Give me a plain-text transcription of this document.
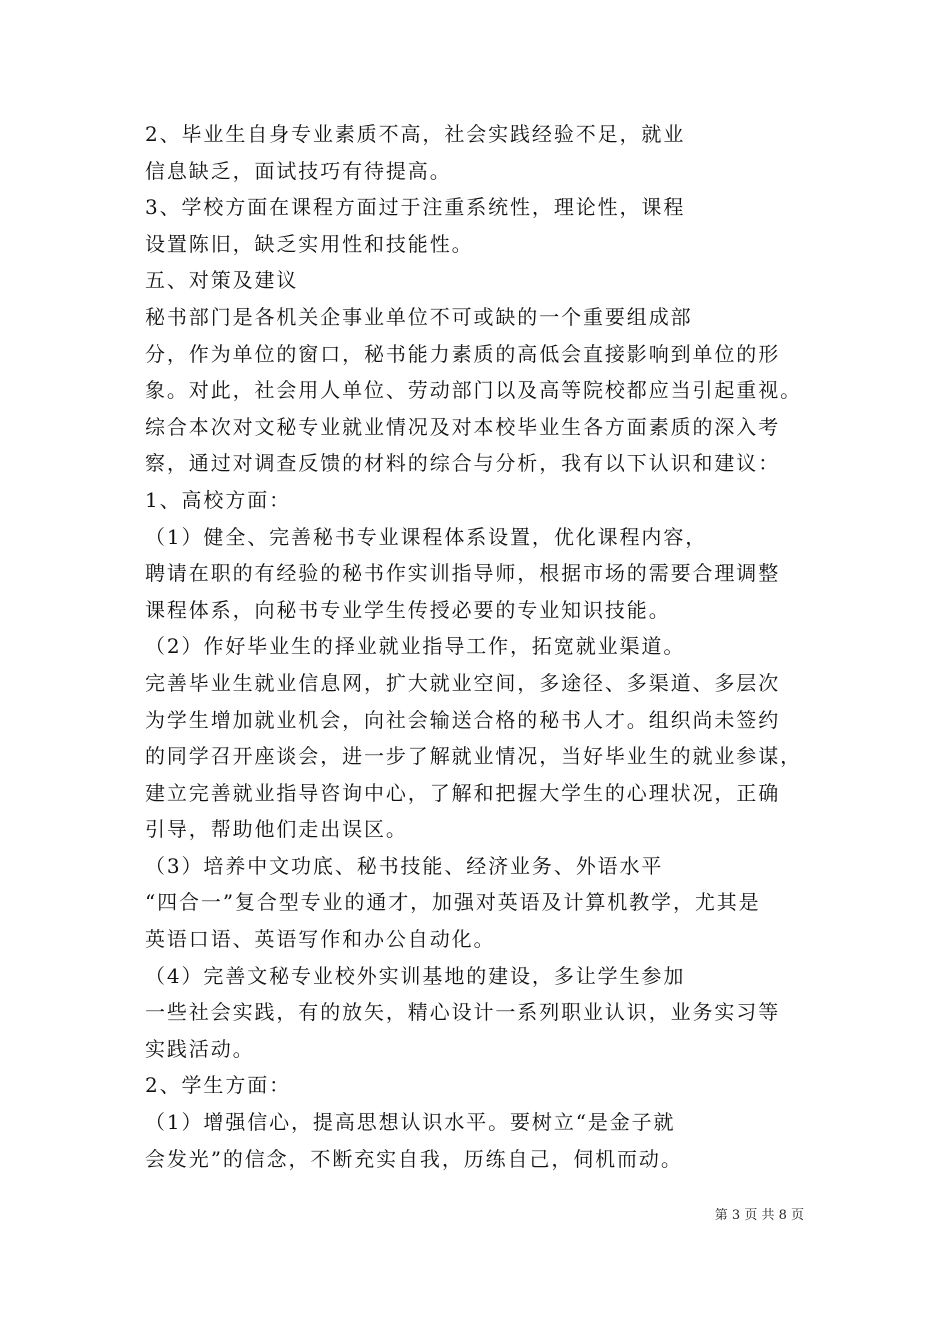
2、毕业生自身专业素质不高，社会实践经验不足，就业
信息缺乏，面试技巧有待提高。

3、学校方面在课程方面过于注重系统性，理论性，课程
设置陈旧，缺乏实用性和技能性。

五、对策及建议

秘书部门是各机关企事业单位不可或缺的一个重要组成部
分，作为单位的窗口，秘书能力素质的高低会直接影响到单位的形
象。对此，社会用人单位、劳动部门以及高等院校都应当引起重视。
综合本次对文秘专业就业情况及对本校毕业生各方面素质的深入考
察，通过对调查反馈的材料的综合与分析，我有以下认识和建议：

1、高校方面：

（1）健全、完善秘书专业课程体系设置，优化课程内容，
聘请在职的有经验的秘书作实训指导师，根据市场的需要合理调整
课程体系，向秘书专业学生传授必要的专业知识技能。

（2）作好毕业生的择业就业指导工作，拓宽就业渠道。
完善毕业生就业信息网，扩大就业空间，多途径、多渠道、多层次
为学生增加就业机会，向社会输送合格的秘书人才。组织尚未签约
的同学召开座谈会，进一步了解就业情况，当好毕业生的就业参谋，
建立完善就业指导咨询中心，了解和把握大学生的心理状况，正确
引导，帮助他们走出误区。

（3）培养中文功底、秘书技能、经济业务、外语水平
“四合一”复合型专业的通才，加强对英语及计算机教学，尤其是
英语口语、英语写作和办公自动化。

（4）完善文秘专业校外实训基地的建设，多让学生参加
一些社会实践，有的放矢，精心设计一系列职业认识，业务实习等
实践活动。

2、学生方面：

（1）增强信心，提高思想认识水平。要树立“是金子就
会发光”的信念，不断充实自我，历练自己，伺机而动。

第 3 页 共 8 页
